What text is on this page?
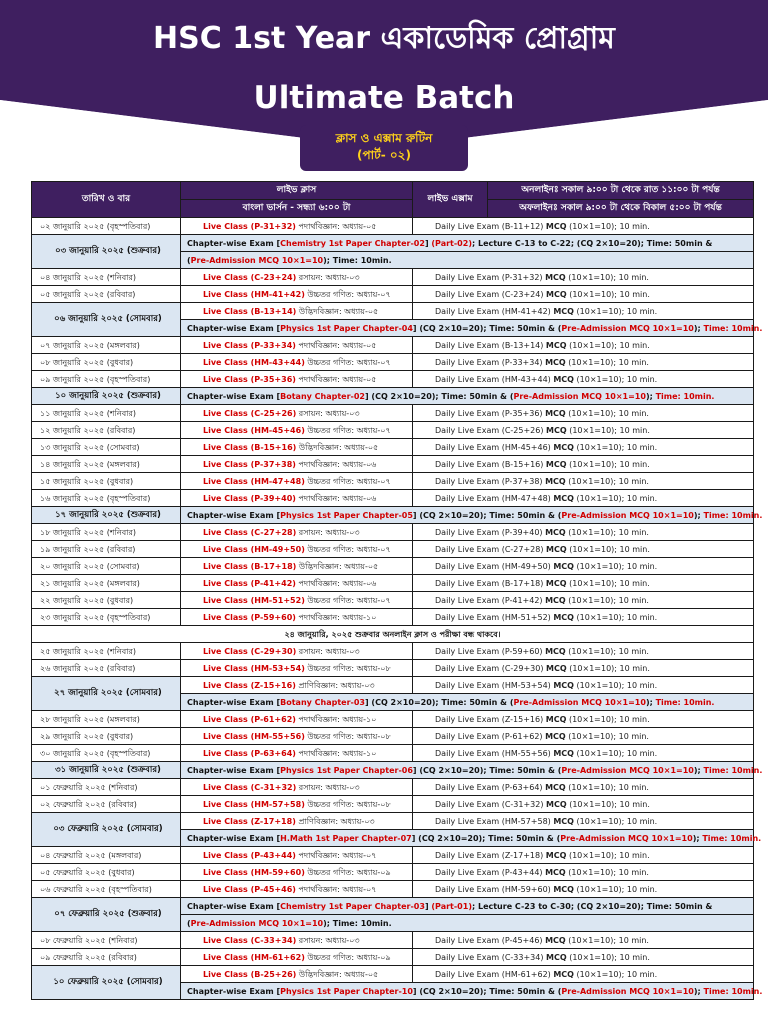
HSC 1st Year একাডেমিক প্রোগ্রাম
Ultimate Batch
ক্লাস ও এক্সাম রুটিন
(পার্ট- ০২)
তারিখ ও বার	লাইভ ক্লাস	লাইভ এক্সাম	অনলাইনঃ সকাল ৯:০০ টা থেকে রাত ১১:০০ টা পর্যন্ত
	বাংলা ভার্সন - সন্ধ্যা ৬:০০ টা		অফলাইনঃ সকাল ৯:০০ টা থেকে বিকাল ৫:০০ টা পর্যন্ত
০২ জানুয়ারি ২০২৫ (বৃহস্পতিবার)	Live Class (P-31+32) পদার্থবিজ্ঞান: অধ্যায়-০৫	Daily Live Exam (B-11+12) MCQ (10×1=10); 10 min.	
০৩ জানুয়ারি ২০২৫ (শুক্রবার)	Chapter-wise Exam [Chemistry 1st Paper Chapter-02] (Part-02); Lecture C-13 to C-22; (CQ 2×10=20); Time: 50min &		
	(Pre-Admission MCQ 10×1=10); Time: 10min.		
০৪ জানুয়ারি ২০২৫ (শনিবার)	Live Class (C-23+24) রসায়ন: অধ্যায়-০৩	Daily Live Exam (P-31+32) MCQ (10×1=10); 10 min.	
০৫ জানুয়ারি ২০২৫ (রবিবার)	Live Class (HM-41+42) উচ্চতর গণিত: অধ্যায়-০৭	Daily Live Exam (C-23+24) MCQ (10×1=10); 10 min.	
০৬ জানুয়ারি ২০২৫ (সোমবার)	Live Class (B-13+14) উদ্ভিদবিজ্ঞান: অধ্যায়-০৫	Daily Live Exam (HM-41+42) MCQ (10×1=10); 10 min.	
	Chapter-wise Exam [Physics 1st Paper Chapter-04] (CQ 2×10=20); Time: 50min & (Pre-Admission MCQ 10×1=10); Time: 10min.		
০৭ জানুয়ারি ২০২৫ (মঙ্গলবার)	Live Class (P-33+34) পদার্থবিজ্ঞান: অধ্যায়-০৫	Daily Live Exam (B-13+14) MCQ (10×1=10); 10 min.	
০৮ জানুয়ারি ২০২৫ (বুধবার)	Live Class (HM-43+44) উচ্চতর গণিত: অধ্যায়-০৭	Daily Live Exam (P-33+34) MCQ (10×1=10); 10 min.	
০৯ জানুয়ারি ২০২৫ (বৃহস্পতিবার)	Live Class (P-35+36) পদার্থবিজ্ঞান: অধ্যায়-০৫	Daily Live Exam (HM-43+44) MCQ (10×1=10); 10 min.	
১০ জানুয়ারি ২০২৫ (শুক্রবার)	Chapter-wise Exam [Botany Chapter-02] (CQ 2×10=20); Time: 50min & (Pre-Admission MCQ 10×1=10); Time: 10min.		
১১ জানুয়ারি ২০২৫ (শনিবার)	Live Class (C-25+26) রসায়ন: অধ্যায়-০৩	Daily Live Exam (P-35+36) MCQ (10×1=10); 10 min.	
১২ জানুয়ারি ২০২৫ (রবিবার)	Live Class (HM-45+46) উচ্চতর গণিত: অধ্যায়-০৭	Daily Live Exam (C-25+26) MCQ (10×1=10); 10 min.	
১৩ জানুয়ারি ২০২৫ (সোমবার)	Live Class (B-15+16) উদ্ভিদবিজ্ঞান: অধ্যায়-০৫	Daily Live Exam (HM-45+46) MCQ (10×1=10); 10 min.	
১৪ জানুয়ারি ২০২৫ (মঙ্গলবার)	Live Class (P-37+38) পদার্থবিজ্ঞান: অধ্যায়-০৬	Daily Live Exam (B-15+16) MCQ (10×1=10); 10 min.	
১৫ জানুয়ারি ২০২৫ (বুধবার)	Live Class (HM-47+48) উচ্চতর গণিত: অধ্যায়-০৭	Daily Live Exam (P-37+38) MCQ (10×1=10); 10 min.	
১৬ জানুয়ারি ২০২৫ (বৃহস্পতিবার)	Live Class (P-39+40) পদার্থবিজ্ঞান: অধ্যায়-০৬	Daily Live Exam (HM-47+48) MCQ (10×1=10); 10 min.	
১৭ জানুয়ারি ২০২৫ (শুক্রবার)	Chapter-wise Exam [Physics 1st Paper Chapter-05] (CQ 2×10=20); Time: 50min & (Pre-Admission MCQ 10×1=10); Time: 10min.		
১৮ জানুয়ারি ২০২৫ (শনিবার)	Live Class (C-27+28) রসায়ন: অধ্যায়-০৩	Daily Live Exam (P-39+40) MCQ (10×1=10); 10 min.	
১৯ জানুয়ারি ২০২৫ (রবিবার)	Live Class (HM-49+50) উচ্চতর গণিত: অধ্যায়-০৭	Daily Live Exam (C-27+28) MCQ (10×1=10); 10 min.	
২০ জানুয়ারি ২০২৫ (সোমবার)	Live Class (B-17+18) উদ্ভিদবিজ্ঞান: অধ্যায়-০৫	Daily Live Exam (HM-49+50) MCQ (10×1=10); 10 min.	
২১ জানুয়ারি ২০২৫ (মঙ্গলবার)	Live Class (P-41+42) পদার্থবিজ্ঞান: অধ্যায়-০৬	Daily Live Exam (B-17+18) MCQ (10×1=10); 10 min.	
২২ জানুয়ারি ২০২৫ (বুধবার)	Live Class (HM-51+52) উচ্চতর গণিত: অধ্যায়-০৭	Daily Live Exam (P-41+42) MCQ (10×1=10); 10 min.	
২৩ জানুয়ারি ২০২৫ (বৃহস্পতিবার)	Live Class (P-59+60) পদার্থবিজ্ঞান: অধ্যায়-১০	Daily Live Exam (HM-51+52) MCQ (10×1=10); 10 min.	
২৪ জানুয়ারি, ২০২৫ শুক্রবার অনলাইন ক্লাস ও পরীক্ষা বন্ধ থাকবে।			
২৫ জানুয়ারি ২০২৫ (শনিবার)	Live Class (C-29+30) রসায়ন: অধ্যায়-০৩	Daily Live Exam (P-59+60) MCQ (10×1=10); 10 min.	
২৬ জানুয়ারি ২০২৫ (রবিবার)	Live Class (HM-53+54) উচ্চতর গণিত: অধ্যায়-০৮	Daily Live Exam (C-29+30) MCQ (10×1=10); 10 min.	
২৭ জানুয়ারি ২০২৫ (সোমবার)	Live Class (Z-15+16) প্রাণিবিজ্ঞান: অধ্যায়-০৩	Daily Live Exam (HM-53+54) MCQ (10×1=10); 10 min.	
	Chapter-wise Exam [Botany Chapter-03] (CQ 2×10=20); Time: 50min & (Pre-Admission MCQ 10×1=10); Time: 10min.		
২৮ জানুয়ারি ২০২৫ (মঙ্গলবার)	Live Class (P-61+62) পদার্থবিজ্ঞান: অধ্যায়-১০	Daily Live Exam (Z-15+16) MCQ (10×1=10); 10 min.	
২৯ জানুয়ারি ২০২৫ (বুধবার)	Live Class (HM-55+56) উচ্চতর গণিত: অধ্যায়-০৮	Daily Live Exam (P-61+62) MCQ (10×1=10); 10 min.	
৩০ জানুয়ারি ২০২৫ (বৃহস্পতিবার)	Live Class (P-63+64) পদার্থবিজ্ঞান: অধ্যায়-১০	Daily Live Exam (HM-55+56) MCQ (10×1=10); 10 min.	
৩১ জানুয়ারি ২০২৫ (শুক্রবার)	Chapter-wise Exam [Physics 1st Paper Chapter-06] (CQ 2×10=20); Time: 50min & (Pre-Admission MCQ 10×1=10); Time: 10min.		
০১ ফেব্রুয়ারি ২০২৫ (শনিবার)	Live Class (C-31+32) রসায়ন: অধ্যায়-০৩	Daily Live Exam (P-63+64) MCQ (10×1=10); 10 min.	
০২ ফেব্রুয়ারি ২০২৫ (রবিবার)	Live Class (HM-57+58) উচ্চতর গণিত: অধ্যায়-০৮	Daily Live Exam (C-31+32) MCQ (10×1=10); 10 min.	
০৩ ফেব্রুয়ারি ২০২৫ (সোমবার)	Live Class (Z-17+18) প্রাণিবিজ্ঞান: অধ্যায়-০৩	Daily Live Exam (HM-57+58) MCQ (10×1=10); 10 min.	
	Chapter-wise Exam [H.Math 1st Paper Chapter-07] (CQ 2×10=20); Time: 50min & (Pre-Admission MCQ 10×1=10); Time: 10min.		
০৪ ফেব্রুয়ারি ২০২৫ (মঙ্গলবার)	Live Class (P-43+44) পদার্থবিজ্ঞান: অধ্যায়-০৭	Daily Live Exam (Z-17+18) MCQ (10×1=10); 10 min.	
০৫ ফেব্রুয়ারি ২০২৫ (বুধবার)	Live Class (HM-59+60) উচ্চতর গণিত: অধ্যায়-০৯	Daily Live Exam (P-43+44) MCQ (10×1=10); 10 min.	
০৬ ফেব্রুয়ারি ২০২৫ (বৃহস্পতিবার)	Live Class (P-45+46) পদার্থবিজ্ঞান: অধ্যায়-০৭	Daily Live Exam (HM-59+60) MCQ (10×1=10); 10 min.	
০৭ ফেব্রুয়ারি ২০২৫ (শুক্রবার)	Chapter-wise Exam [Chemistry 1st Paper Chapter-03] (Part-01); Lecture C-23 to C-30; (CQ 2×10=20); Time: 50min &		
	(Pre-Admission MCQ 10×1=10); Time: 10min.		
০৮ ফেব্রুয়ারি ২০২৫ (শনিবার)	Live Class (C-33+34) রসায়ন: অধ্যায়-০৩	Daily Live Exam (P-45+46) MCQ (10×1=10); 10 min.	
০৯ ফেব্রুয়ারি ২০২৫ (রবিবার)	Live Class (HM-61+62) উচ্চতর গণিত: অধ্যায়-০৯	Daily Live Exam (C-33+34) MCQ (10×1=10); 10 min.	
১০ ফেব্রুয়ারি ২০২৫ (সোমবার)	Live Class (B-25+26) উদ্ভিদবিজ্ঞান: অধ্যায়-০৫	Daily Live Exam (HM-61+62) MCQ (10×1=10); 10 min.	
	Chapter-wise Exam [Physics 1st Paper Chapter-10] (CQ 2×10=20); Time: 50min & (Pre-Admission MCQ 10×1=10); Time: 10min.		
